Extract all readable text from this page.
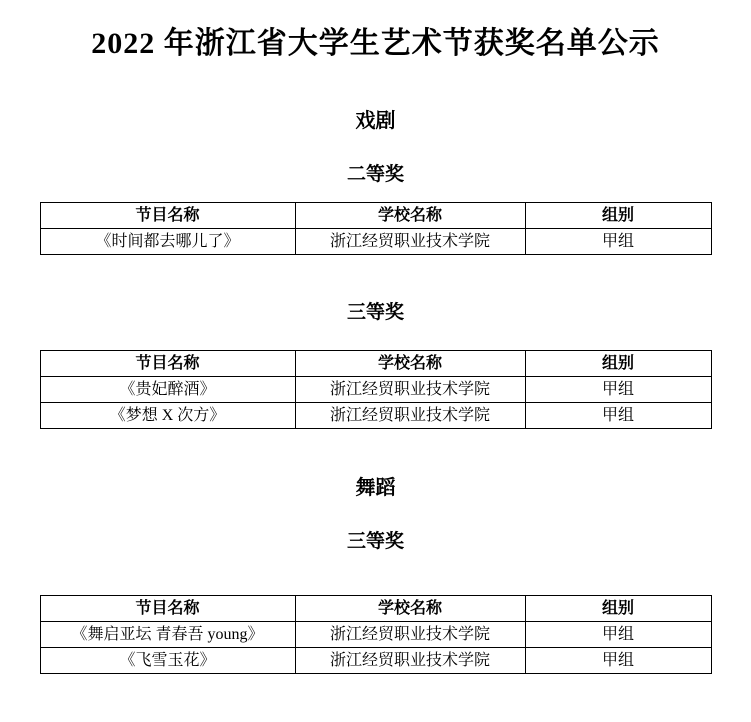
2022 年浙江省大学生艺术节获奖名单公示
戏剧
二等奖
节目名称	学校名称	组别
《时间都去哪儿了》	浙江经贸职业技术学院	甲组
三等奖
节目名称	学校名称	组别
《贵妃醉酒》	浙江经贸职业技术学院	甲组
《梦想 X 次方》	浙江经贸职业技术学院	甲组
舞蹈
三等奖
节目名称	学校名称	组别
《舞启亚坛 青春吾 young》	浙江经贸职业技术学院	甲组
《飞雪玉花》	浙江经贸职业技术学院	甲组
